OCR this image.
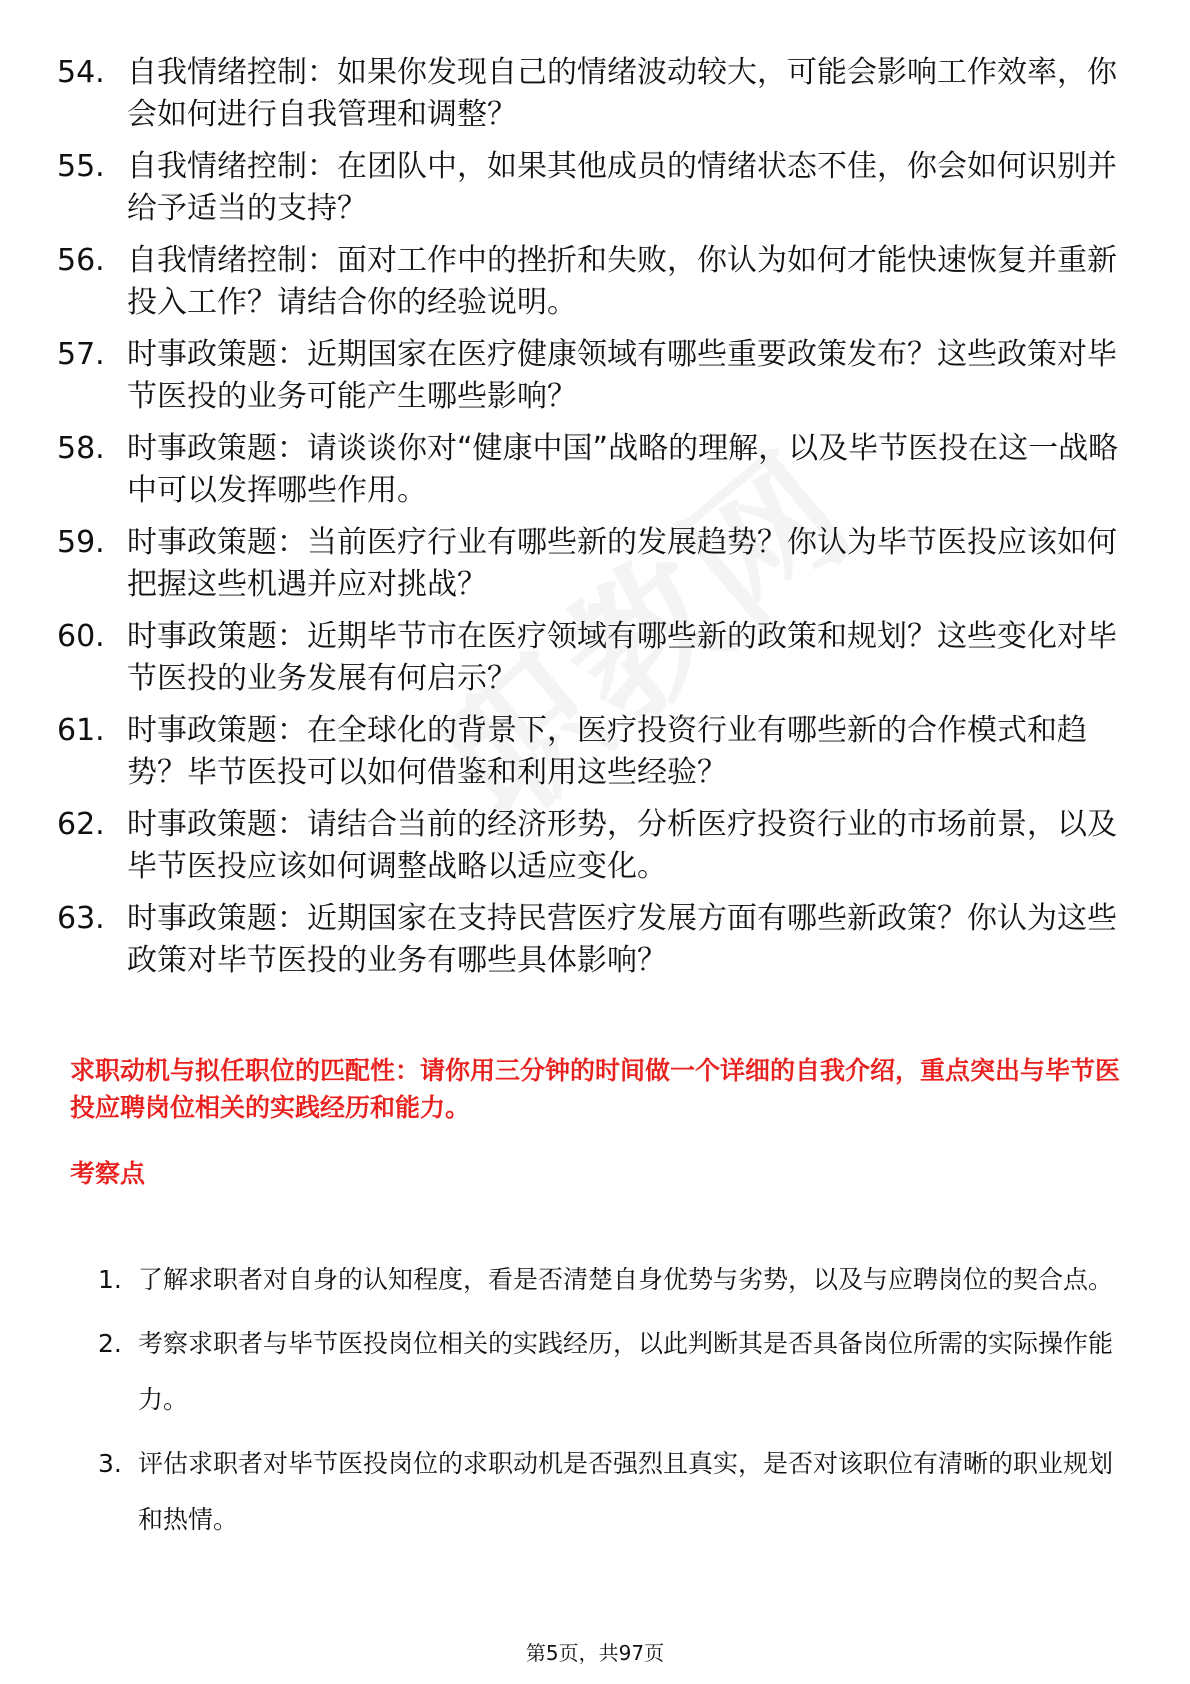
54. 自我情绪控制：如果你发现自己的情绪波动较大，可能会影响工作效率，你会如何进行自我管理和调整？
55. 自我情绪控制：在团队中，如果其他成员的情绪状态不佳，你会如何识别并给予适当的支持？
56. 自我情绪控制：面对工作中的挫折和失败，你认为如何才能快速恢复并重新投入工作？请结合你的经验说明。
57. 时事政策题：近期国家在医疗健康领域有哪些重要政策发布？这些政策对毕节医投的业务可能产生哪些影响？
58. 时事政策题：请谈谈你对“健康中国”战略的理解，以及毕节医投在这一战略中可以发挥哪些作用。
59. 时事政策题：当前医疗行业有哪些新的发展趋势？你认为毕节医投应该如何把握这些机遇并应对挑战？
60. 时事政策题：近期毕节市在医疗领域有哪些新的政策和规划？这些变化对毕节医投的业务发展有何启示？
61. 时事政策题：在全球化的背景下，医疗投资行业有哪些新的合作模式和趋势？毕节医投可以如何借鉴和利用这些经验？
62. 时事政策题：请结合当前的经济形势，分析医疗投资行业的市场前景，以及毕节医投应该如何调整战略以适应变化。
63. 时事政策题：近期国家在支持民营医疗发展方面有哪些新政策？你认为这些政策对毕节医投的业务有哪些具体影响？
求职动机与拟任职位的匹配性：请你用三分钟的时间做一个详细的自我介绍，重点突出与毕节医投应聘岗位相关的实践经历和能力。
考察点
1. 了解求职者对自身的认知程度，看是否清楚自身优势与劣势，以及与应聘岗位的契合点。
2. 考察求职者与毕节医投岗位相关的实践经历，以此判断其是否具备岗位所需的实际操作能力。
3. 评估求职者对毕节医投岗位的求职动机是否强烈且真实，是否对该职位有清晰的职业规划和热情。
第5页，共97页
